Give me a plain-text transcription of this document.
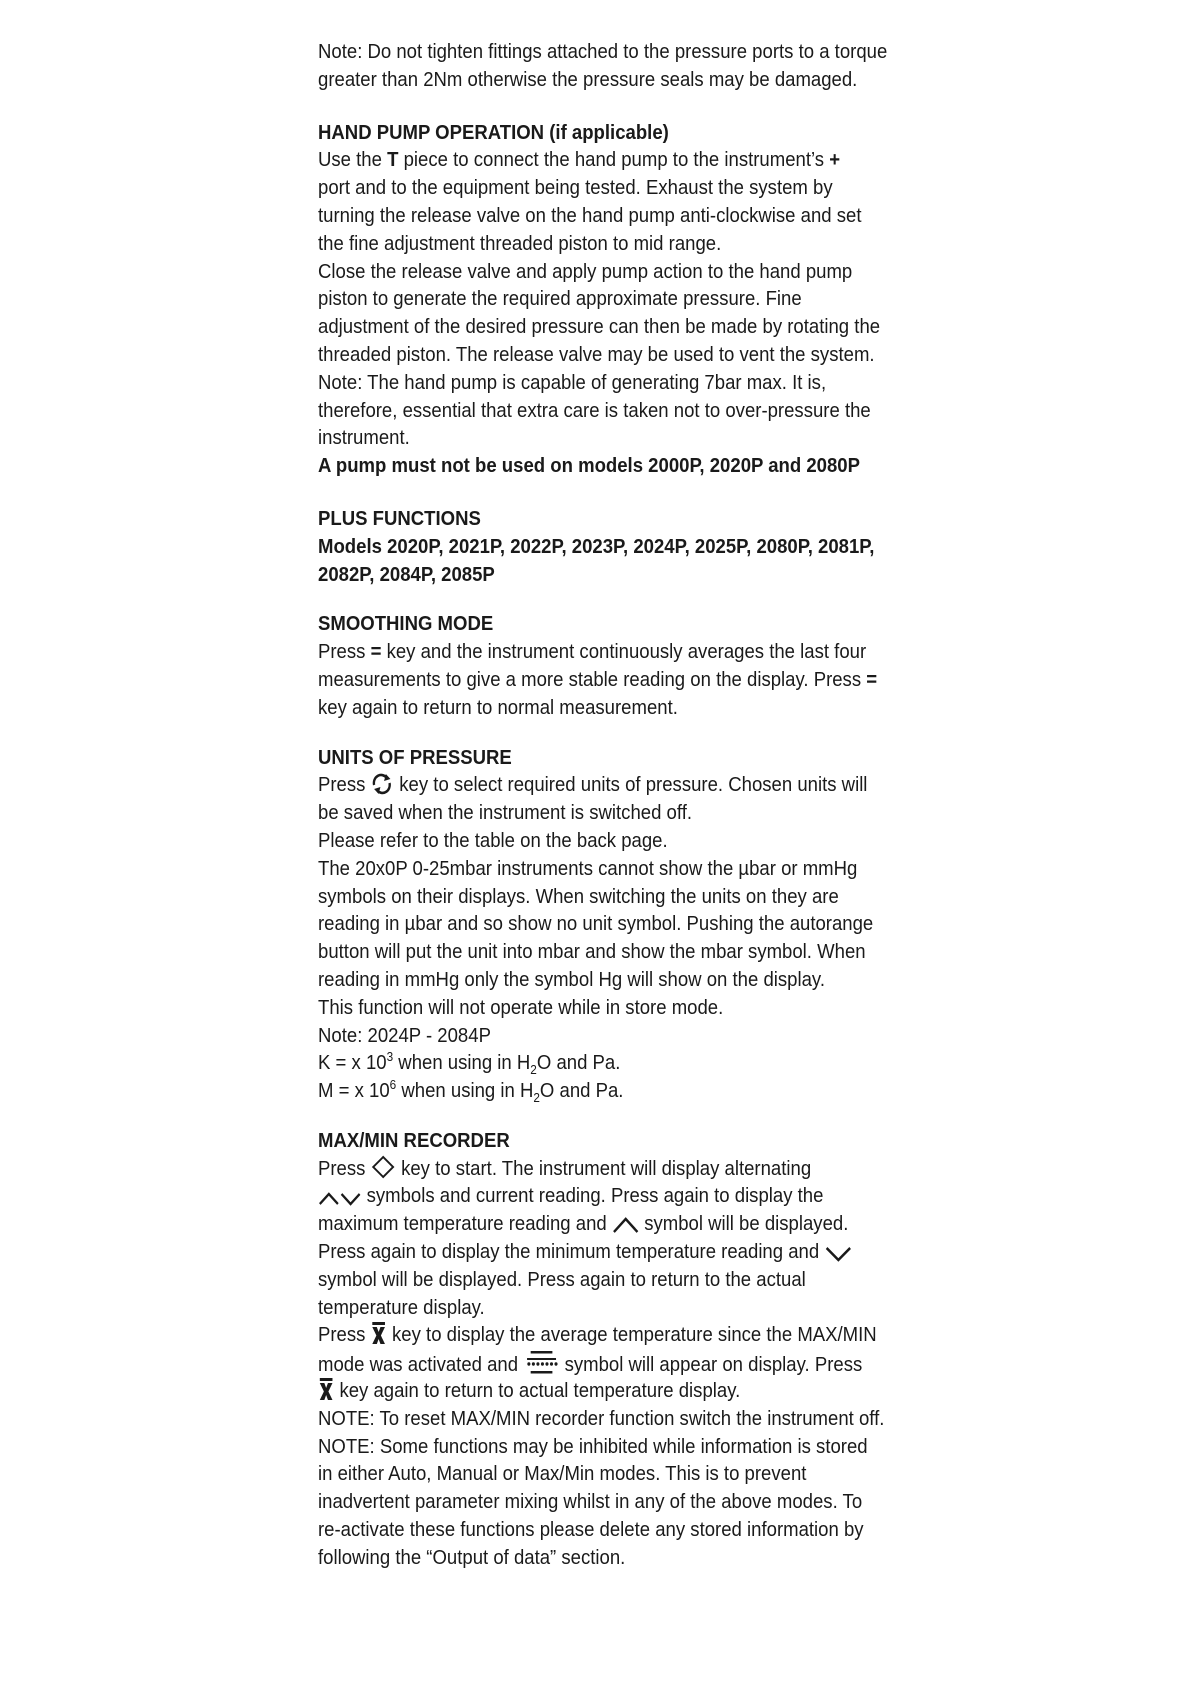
Note: Do not tighten fittings attached to the pressure ports to a torque
greater than 2Nm otherwise the pressure seals may be damaged.
HAND PUMP OPERATION (if applicable)
Use the T piece to connect the hand pump to the instrument’s +
port and to the equipment being tested. Exhaust the system by
turning the release valve on the hand pump anti-clockwise and set
the fine adjustment threaded piston to mid range.
Close the release valve and apply pump action to the hand pump
piston to generate the required approximate pressure. Fine
adjustment of the desired pressure can then be made by rotating the
threaded piston. The release valve may be used to vent the system.
Note: The hand pump is capable of generating 7bar max. It is,
therefore, essential that extra care is taken not to over-pressure the
instrument.
A pump must not be used on models 2000P, 2020P and 2080P
PLUS FUNCTIONS
Models 2020P, 2021P, 2022P, 2023P, 2024P, 2025P, 2080P, 2081P,
2082P, 2084P, 2085P
SMOOTHING MODE
Press = key and the instrument continuously averages the last four
measurements to give a more stable reading on the display. Press =
key again to return to normal measurement.
UNITS OF PRESSURE
Press  key to select required units of pressure. Chosen units will
be saved when the instrument is switched off.
Please refer to the table on the back page.
The 20x0P 0-25mbar instruments cannot show the µbar or mmHg
symbols on their displays. When switching the units on they are
reading in µbar and so show no unit symbol. Pushing the autorange
button will put the unit into mbar and show the mbar symbol. When
reading in mmHg only the symbol Hg will show on the display.
This function will not operate while in store mode.
Note: 2024P - 2084P
K = x $10^3$ when using in $H_2O$ and Pa.
M = x $10^6$ when using in $H_2O$ and Pa.
MAX/MIN RECORDER
Press  key to start. The instrument will display alternating
symbols and current reading. Press again to display the
maximum temperature reading and  symbol will be displayed.
Press again to display the minimum temperature reading and
symbol will be displayed. Press again to return to the actual
temperature display.
Press  key to display the average temperature since the MAX/MIN
mode was activated and  symbol will appear on display. Press
key again to return to actual temperature display.
NOTE: To reset MAX/MIN recorder function switch the instrument off.
NOTE: Some functions may be inhibited while information is stored
in either Auto, Manual or Max/Min modes. This is to prevent
inadvertent parameter mixing whilst in any of the above modes. To
re-activate these functions please delete any stored information by
following the “Output of data” section.
